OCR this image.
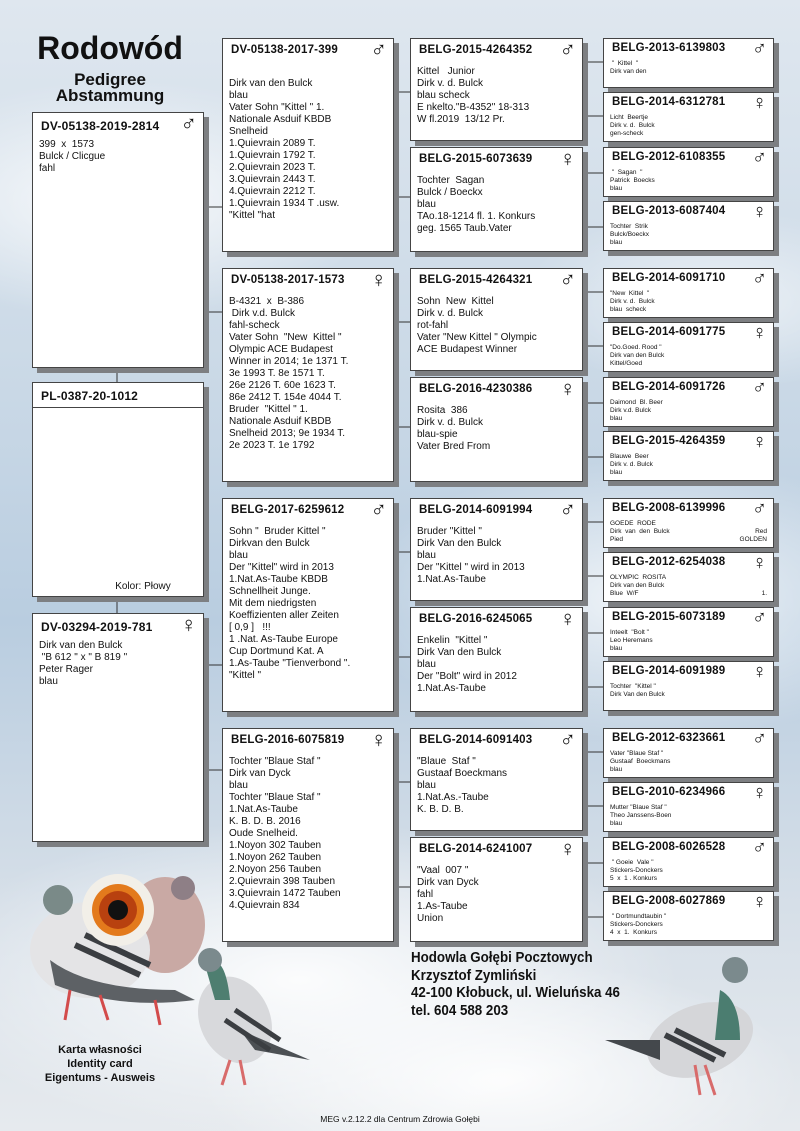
Rodowód
Pedigree
Abstammung
DV-05138-2019-2814 ♂
399  x  1573
Bulck / Clicgue
fahl
PL-0387-20-1012
Kolor: Płowy
DV-03294-2019-781 ♀
Dirk van den Bulck
"B 612 " x " B 819 "
Peter Rager
blau
DV-05138-2017-399 ♂
Dirk van den Bulck
blau
Vater Sohn "Kittel " 1.
Nationale Asduif KBDB
Snelheid
1.Quievrain 2089 T.
1.Quievrain 1792 T.
2.Quievrain 2023 T.
3.Quievrain 2443 T.
4.Quievrain 2212 T.
1.Quievrain 1934 T .usw.
"Kittel "hat
BELG-2015-4264352 ♂
Kittel   Junior
Dirk v. d. Bulck
blau scheck
E nkelto."B-4352" 18-313
W fl.2019  13/12 Pr.
BELG-2015-6073639 ♀
Tochter  Sagan
Bulck / Boeckx
blau
TAo.18-1214 fl. 1. Konkurs
geg. 1565 Taub.Vater
BELG-2013-6139803 ♂
"  Kittel  "
Dirk van den
BELG-2014-6312781 ♀
Licht  Beertje
Dirk v. d.  Bulck
gen-scheck
BELG-2012-6108355 ♂
"  Sagan  "
Patrick  Boecks
blau
BELG-2013-6087404 ♀
Tochter  Strik
Bulck/Boeckx
blau
DV-05138-2017-1573 ♀
B-4321  x  B-386
Dirk v.d. Bulck
fahl-scheck
Vater Sohn  "New  Kittel "
Olympic ACE Budapest
Winner in 2014; 1e 1371 T.
3e 1993 T. 8e 1571 T.
26e 2126 T. 60e 1623 T.
86e 2412 T. 154e 4044 T.
Bruder  "Kittel " 1.
Nationale Asduif KBDB
Snelheid 2013; 9e 1934 T.
2e 2023 T. 1e 1792
BELG-2015-4264321 ♂
Sohn  New  Kittel
Dirk v. d. Bulck
rot-fahl
Vater "New Kittel " Olympic
ACE Budapest Winner
BELG-2016-4230386 ♀
Rosita  386
Dirk v. d. Bulck
blau-spie
Vater Bred From
BELG-2014-6091710 ♂
"New  Kittel  "
Dirk v. d.  Bulck
blau  scheck
BELG-2014-6091775 ♀
"Do.Goed. Rood "
Dirk van den Bulck
Kittel/Goed
BELG-2014-6091726 ♂
Daimond  Bl. Beer
Dirk v.d. Bulck
blau
BELG-2015-4264359 ♀
Blauwe  Beer
Dirk v. d. Bulck
blau
BELG-2017-6259612 ♂
Sohn "  Bruder Kittel "
Dirkvan den Bulck
blau
Der "Kittel" wird in 2013
1.Nat.As-Taube KBDB
Schnellheit Junge.
Mit dem niedrigsten
Koeffizienten aller Zeiten
[ 0,9 ]   !!!
1 .Nat. As-Taube Europe
Cup Dortmund Kat. A
1.As-Taube "Tienverbond ".
"Kittel "
BELG-2014-6091994 ♂
Bruder "Kittel "
Dirk Van den Bulck
blau
Der "Kittel " wird in 2013
1.Nat.As-Taube
BELG-2016-6245065 ♀
Enkelin  "Kittel "
Dirk Van den Bulck
blau
Der "Bolt" wird in 2012
1.Nat.As-Taube
BELG-2008-6139996 ♂
GOEDE  RODE
Dirk  van  den  Bulck	Red
Pied	GOLDEN
BELG-2012-6254038 ♀
OLYMPIC  ROSITA
Dirk van den Bulck
Blue  W/F	1.
BELG-2015-6073189 ♂
Inteelt  "Bolt "
Leo Heremans
blau
BELG-2014-6091989 ♀
Tochter  "Kittel "
Dirk Van den Bulck
BELG-2016-6075819 ♀
Tochter "Blaue Staf "
Dirk van Dyck
blau
Tochter "Blaue Staf "
1.Nat.As-Taube
K. B. D. B. 2016
Oude Snelheid.
1.Noyon 302 Tauben
1.Noyon 262 Tauben
2.Noyon 256 Tauben
2.Quievrain 398 Tauben
3.Quievrain 1472 Tauben
4.Quievrain 834
BELG-2014-6091403 ♂
"Blaue  Staf "
Gustaaf Boeckmans
blau
1.Nat.As.-Taube
K. B. D. B.
BELG-2014-6241007 ♀
"Vaal  007 "
Dirk van Dyck
fahl
1.As-Taube
Union
BELG-2012-6323661 ♂
Vater "Blaue Staf "
Gustaaf  Boeckmans
blau
BELG-2010-6234966 ♀
Mutter "Blaue Staf "
Theo Janssens-Boen
blau
BELG-2008-6026528 ♂
" Goeie  Vale "
Stickers-Donckers
5  x  1 . Konkurs
BELG-2008-6027869 ♀
" Dortmundtaubin "
Stickers-Donckers
4  x  1.  Konkurs
Karta własności
Identity card
Eigentums - Ausweis
Hodowla Gołębi Pocztowych
Krzysztof Zymliński
42-100 Kłobuck, ul. Wieluńska 46
tel. 604 588 203
MEG v.2.12.2 dla Centrum Zdrowia Gołębi
